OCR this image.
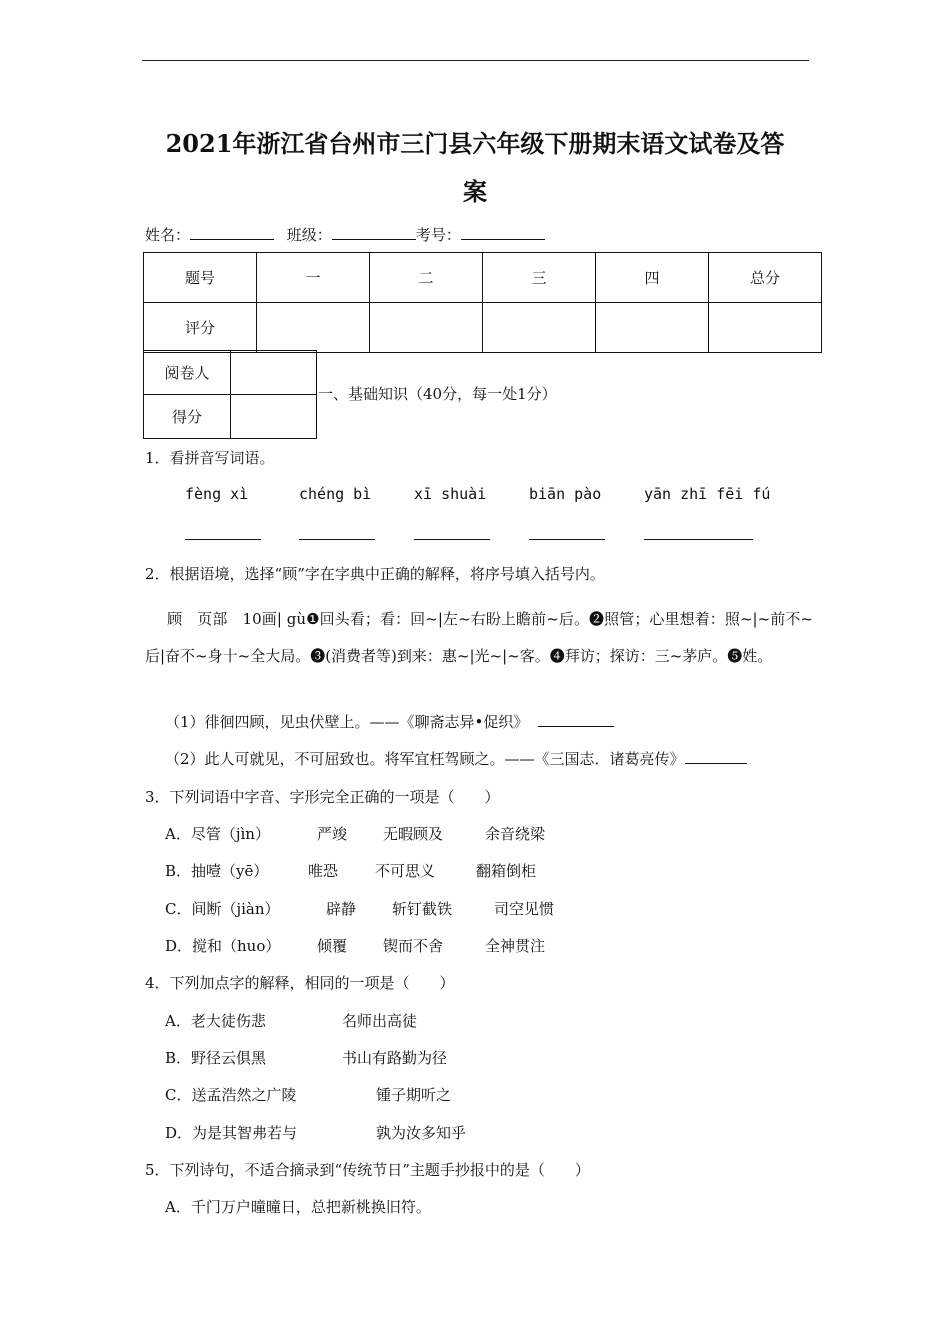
2021年浙江省台州市三门县六年级下册期末语文试卷及答
案
姓名：	班级：	考号：
题号	一	二	三	四	总分
评分					
阅卷人	
得分	
一、基础知识（40分，每一处1分）
1．看拼音写词语。
fèng xì	chéng bì	xī shuài	biān pào	yān zhī fēi fú
2．根据语境，选择“顾”字在字典中正确的解释，将序号填入括号内。
顾　页部　10画| gù❶回头看；看：回~|左~右盼上瞻前~后。❷照管；心里想着：照~|~前不~后|奋不~身十~全大局。❸(消费者等)到来：惠~|光~|~客。❹拜访；探访：三~茅庐。❺姓。
（1）徘徊四顾，见虫伏壁上。——《聊斋志异•促织》
（2）此人可就见，不可屈致也。将军宜枉驾顾之。——《三国志．诸葛亮传》
3．下列词语中字音、字形完全正确的一项是（　　）
A．尽管（jìn）	严竣 无暇顾及	余音绕梁
B．抽噎（yē）	唯恐 不可思义	翻箱倒柜
C．间断（jiàn）	辟静 斩钉截铁	司空见惯
D．搅和（huo） 倾覆 锲而不舍	全神贯注
4．下列加点字的解释，相同的一项是（　　）
A．老大徒伤悲	名师出高徒
B．野径云俱黑	书山有路勤为径
C．送孟浩然之广陵	锺子期听之
D．为是其智弗若与	孰为汝多知乎
5．下列诗句，不适合摘录到“传统节日”主题手抄报中的是（　　）
A．千门万户曈曈日，总把新桃换旧符。
